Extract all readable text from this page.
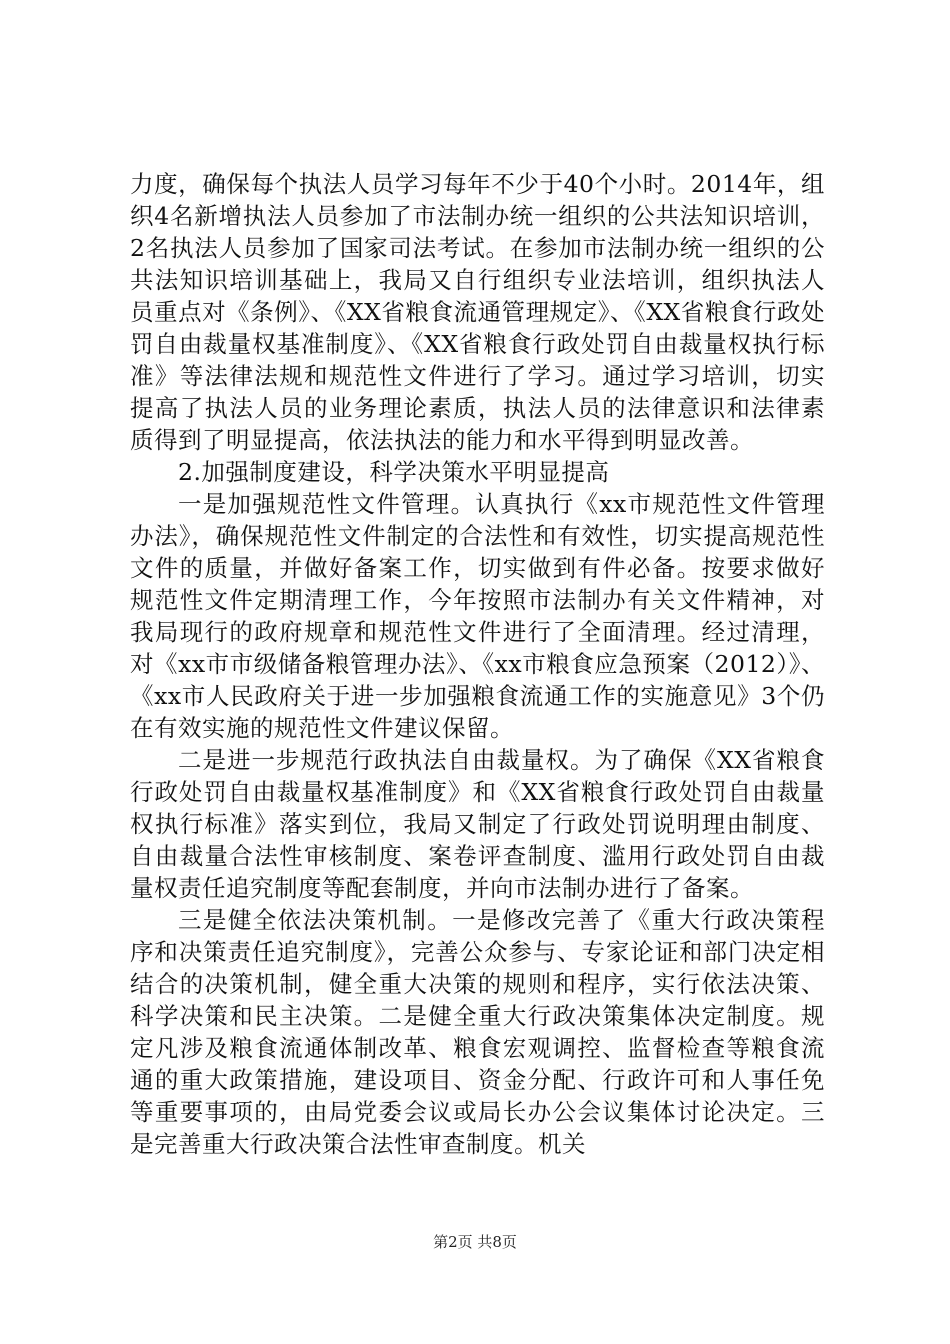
力度，确保每个执法人员学习每年不少于40个小时。2014年，组织4名新增执法人员参加了市法制办统一组织的公共法知识培训，2名执法人员参加了国家司法考试。在参加市法制办统一组织的公共法知识培训基础上，我局又自行组织专业法培训，组织执法人员重点对《条例》、《XX省粮食流通管理规定》、《XX省粮食行政处罚自由裁量权基准制度》、《XX省粮食行政处罚自由裁量权执行标准》等法律法规和规范性文件进行了学习。通过学习培训，切实提高了执法人员的业务理论素质，执法人员的法律意识和法律素质得到了明显提高，依法执法的能力和水平得到明显改善。

2.加强制度建设，科学决策水平明显提高

一是加强规范性文件管理。认真执行《xx市规范性文件管理办法》，确保规范性文件制定的合法性和有效性，切实提高规范性文件的质量，并做好备案工作，切实做到有件必备。按要求做好规范性文件定期清理工作，今年按照市法制办有关文件精神，对我局现行的政府规章和规范性文件进行了全面清理。经过清理，对《xx市市级储备粮管理办法》、《xx市粮食应急预案（2012）》、《xx市人民政府关于进一步加强粮食流通工作的实施意见》3个仍在有效实施的规范性文件建议保留。

二是进一步规范行政执法自由裁量权。为了确保《XX省粮食行政处罚自由裁量权基准制度》和《XX省粮食行政处罚自由裁量权执行标准》落实到位，我局又制定了行政处罚说明理由制度、自由裁量合法性审核制度、案卷评查制度、滥用行政处罚自由裁量权责任追究制度等配套制度，并向市法制办进行了备案。

三是健全依法决策机制。一是修改完善了《重大行政决策程序和决策责任追究制度》，完善公众参与、专家论证和部门决定相结合的决策机制，健全重大决策的规则和程序，实行依法决策、科学决策和民主决策。二是健全重大行政决策集体决定制度。规定凡涉及粮食流通体制改革、粮食宏观调控、监督检查等粮食流通的重大政策措施，建设项目、资金分配、行政许可和人事任免等重要事项的，由局党委会议或局长办公会议集体讨论决定。三是完善重大行政决策合法性审查制度。机关

第2页 共8页
